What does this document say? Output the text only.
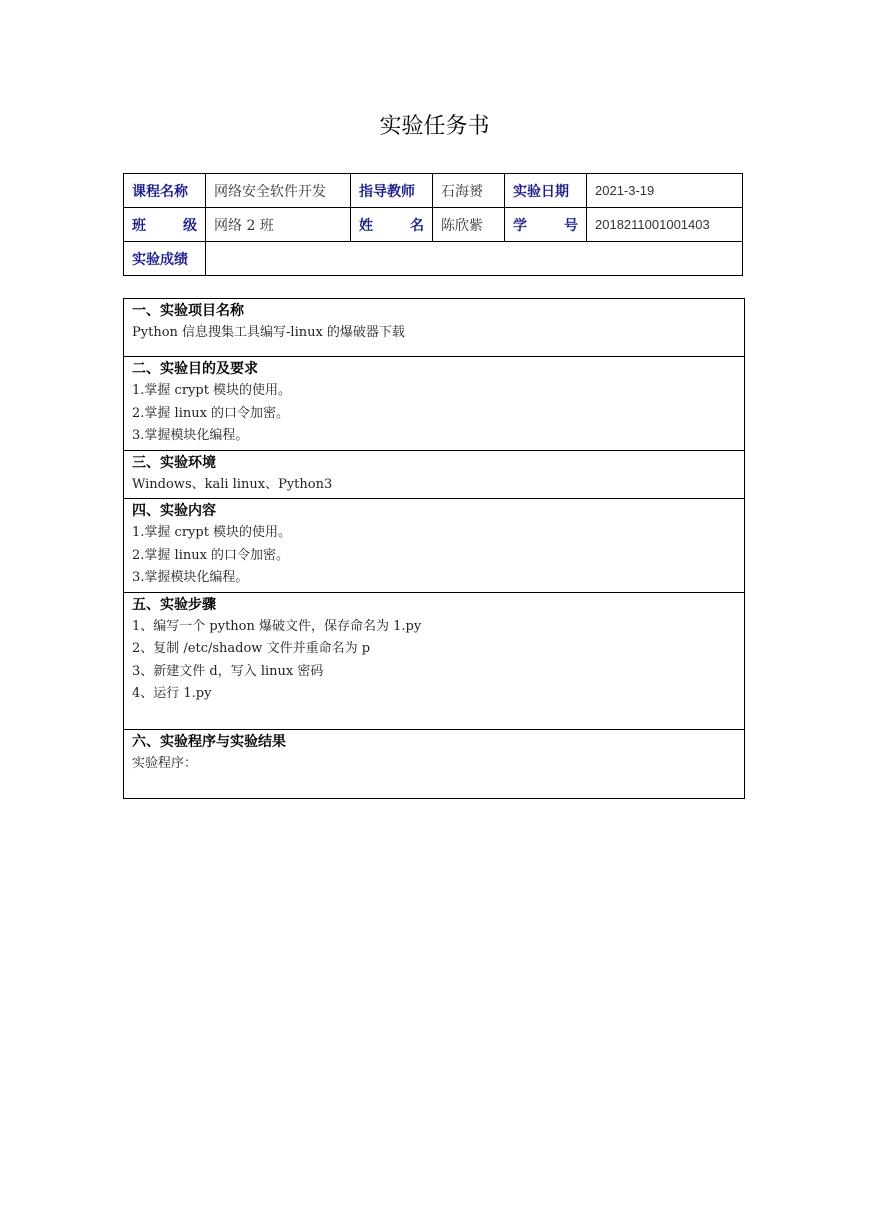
实验任务书
课程名称	网络安全软件开发	指导教师	石海赟	实验日期	2021-3-19
班 级	网络 2 班	姓 名	陈欣紫	学 号	2018211001001403
实验成绩					
一、实验项目名称
Python 信息搜集工具编写-linux 的爆破器下载

二、实验目的及要求
1.掌握 crypt 模块的使用。
2.掌握 linux 的口令加密。
3.掌握模块化编程。

三、实验环境
Windows、kali linux、Python3

四、实验内容
1.掌握 crypt 模块的使用。
2.掌握 linux 的口令加密。
3.掌握模块化编程。

五、实验步骤
1、编写一个 python 爆破文件，保存命名为 1.py
2、复制 /etc/shadow 文件并重命名为 p
3、新建文件 d，写入 linux 密码
4、运行 1.py

六、实验程序与实验结果
实验程序：
